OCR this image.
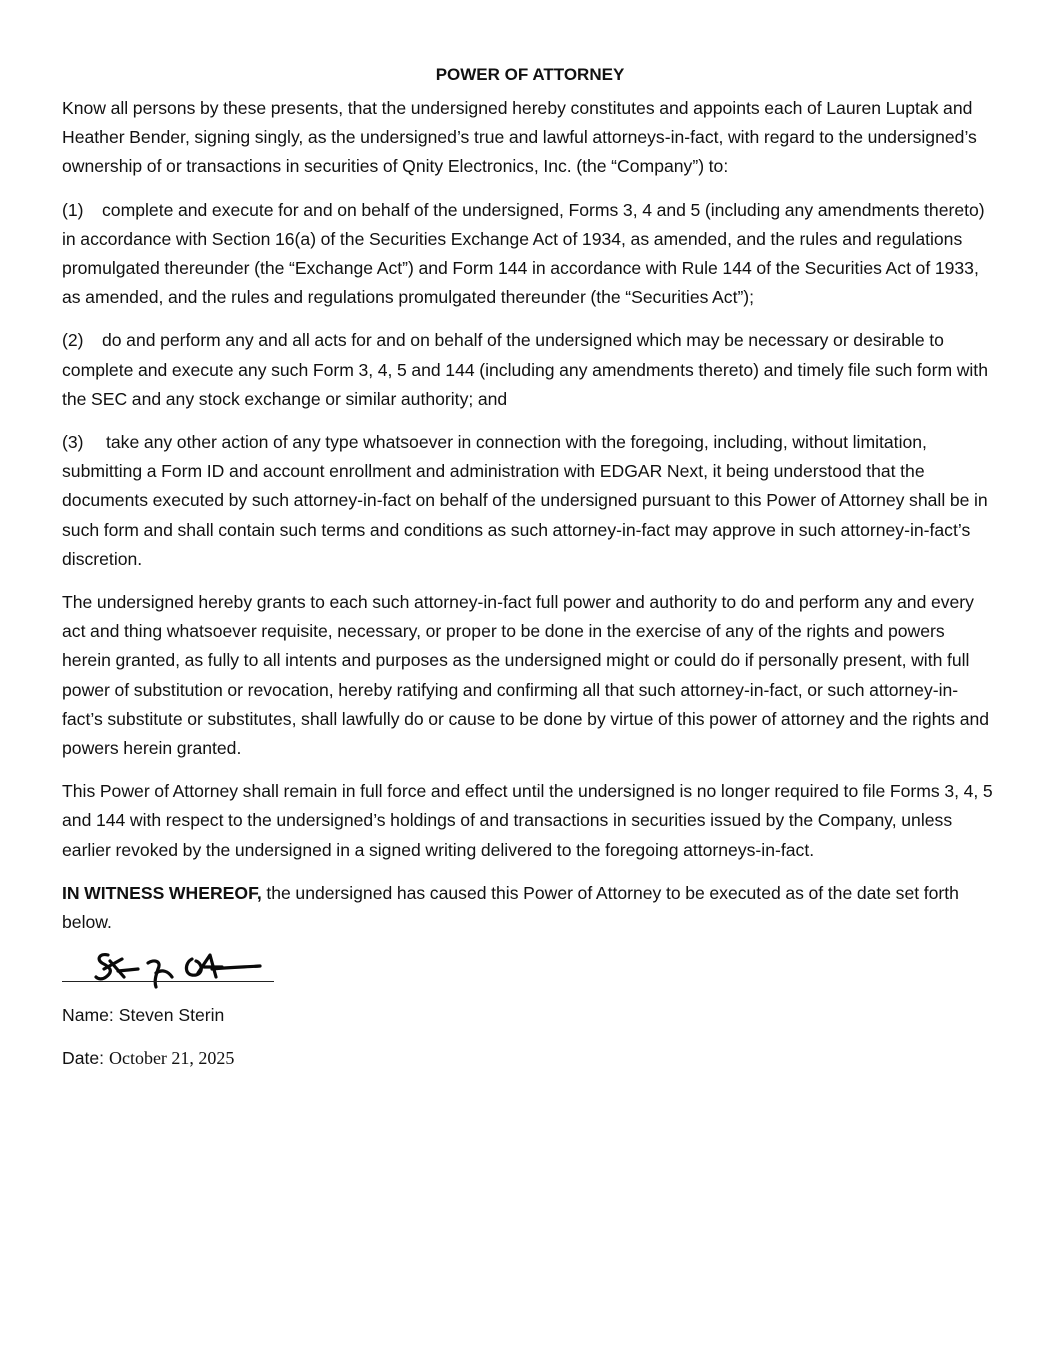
POWER OF ATTORNEY

Know all persons by these presents, that the undersigned hereby constitutes and appoints each of Lauren Luptak and Heather Bender, signing singly, as the undersigned’s true and lawful attorneys-in-fact, with regard to the undersigned’s ownership of or transactions in securities of Qnity Electronics, Inc. (the “Company”) to:

(1) complete and execute for and on behalf of the undersigned, Forms 3, 4 and 5 (including any amendments thereto) in accordance with Section 16(a) of the Securities Exchange Act of 1934, as amended, and the rules and regulations promulgated thereunder (the “Exchange Act”) and Form 144 in accordance with Rule 144 of the Securities Act of 1933, as amended, and the rules and regulations promulgated thereunder (the “Securities Act”);

(2) do and perform any and all acts for and on behalf of the undersigned which may be necessary or desirable to complete and execute any such Form 3, 4, 5 and 144 (including any amendments thereto) and timely file such form with the SEC and any stock exchange or similar authority; and

(3) take any other action of any type whatsoever in connection with the foregoing, including, without limitation, submitting a Form ID and account enrollment and administration with EDGAR Next, it being understood that the documents executed by such attorney-in-fact on behalf of the undersigned pursuant to this Power of Attorney shall be in such form and shall contain such terms and conditions as such attorney-in-fact may approve in such attorney-in-fact’s discretion.

The undersigned hereby grants to each such attorney-in-fact full power and authority to do and perform any and every act and thing whatsoever requisite, necessary, or proper to be done in the exercise of any of the rights and powers herein granted, as fully to all intents and purposes as the undersigned might or could do if personally present, with full power of substitution or revocation, hereby ratifying and confirming all that such attorney-in-fact, or such attorney-in-fact’s substitute or substitutes, shall lawfully do or cause to be done by virtue of this power of attorney and the rights and powers herein granted.

This Power of Attorney shall remain in full force and effect until the undersigned is no longer required to file Forms 3, 4, 5 and 144 with respect to the undersigned’s holdings of and transactions in securities issued by the Company, unless earlier revoked by the undersigned in a signed writing delivered to the foregoing attorneys-in-fact.

IN WITNESS WHEREOF, the undersigned has caused this Power of Attorney to be executed as of the date set forth below.

Name: Steven Sterin
Date: October 21, 2025
